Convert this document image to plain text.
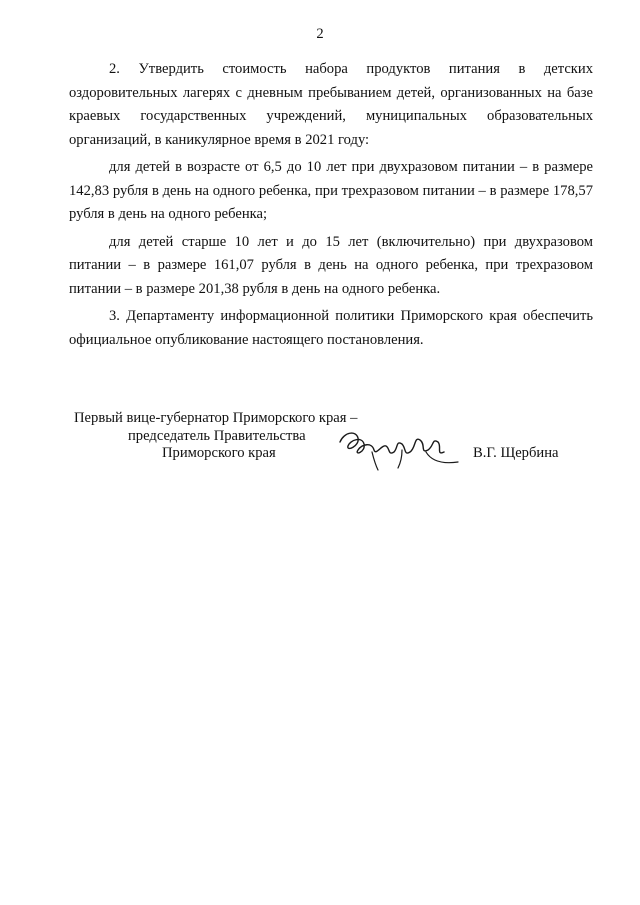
2

2. Утвердить стоимость набора продуктов питания в детских оздоровительных лагерях с дневным пребыванием детей, организованных на базе краевых государственных учреждений, муниципальных образовательных организаций, в каникулярное время в 2021 году:

для детей в возрасте от 6,5 до 10 лет при двухразовом питании – в размере 142,83 рубля в день на одного ребенка, при трехразовом питании – в размере 178,57 рубля в день на одного ребенка;

для детей старше 10 лет и до 15 лет (включительно) при двухразовом питании – в размере 161,07 рубля в день на одного ребенка, при трехразовом питании – в размере 201,38 рубля в день на одного ребенка.

3. Департаменту информационной политики Приморского края обеспечить официальное опубликование настоящего постановления.

Первый вице-губернатор Приморского края –
председатель Правительства
Приморского края	В.Г. Щербина
